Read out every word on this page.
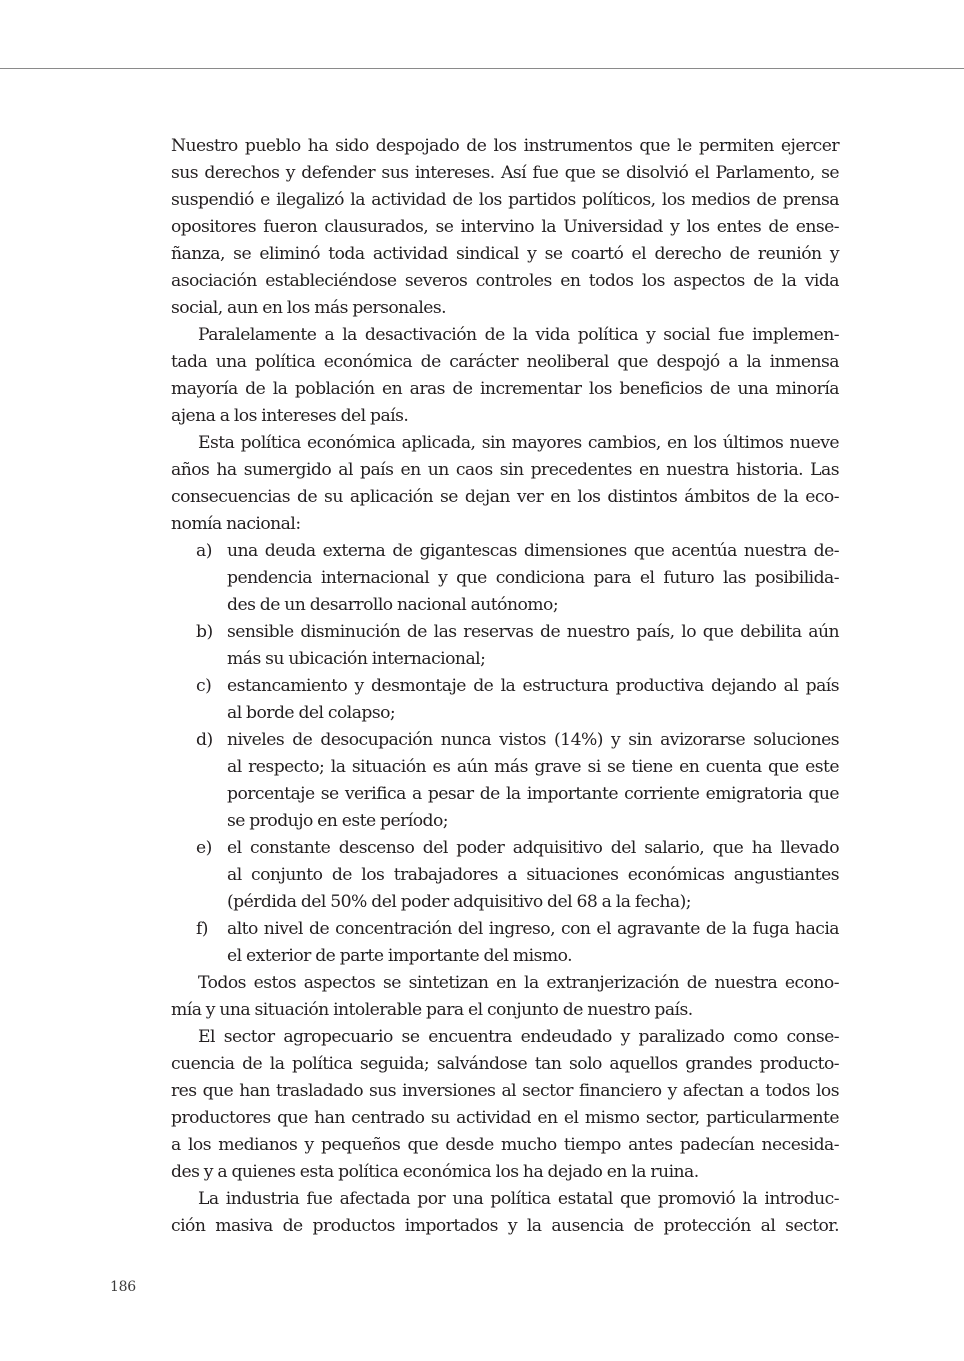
Nuestro pueblo ha sido despojado de los instrumentos que le permiten ejercer
sus derechos y defender sus intereses. Así fue que se disolvió el Parlamento, se
suspendió e ilegalizó la actividad de los partidos políticos, los medios de prensa
opositores fueron clausurados, se intervino la Universidad y los entes de ense-
ñanza, se eliminó toda actividad sindical y se coartó el derecho de reunión y
asociación estableciéndose severos controles en todos los aspectos de la vida
social, aun en los más personales.
Paralelamente a la desactivación de la vida política y social fue implemen-
tada una política económica de carácter neoliberal que despojó a la inmensa
mayoría de la población en aras de incrementar los beneficios de una minoría
ajena a los intereses del país.
Esta política económica aplicada, sin mayores cambios, en los últimos nueve
años ha sumergido al país en un caos sin precedentes en nuestra historia. Las
consecuencias de su aplicación se dejan ver en los distintos ámbitos de la eco-
nomía nacional:
a) una deuda externa de gigantescas dimensiones que acentúa nuestra de-
pendencia internacional y que condiciona para el futuro las posibilida-
des de un desarrollo nacional autónomo;
b) sensible disminución de las reservas de nuestro país, lo que debilita aún
más su ubicación internacional;
c) estancamiento y desmontaje de la estructura productiva dejando al país
al borde del colapso;
d) niveles de desocupación nunca vistos (14%) y sin avizorarse soluciones
al respecto; la situación es aún más grave si se tiene en cuenta que este
porcentaje se verifica a pesar de la importante corriente emigratoria que
se produjo en este período;
e) el constante descenso del poder adquisitivo del salario, que ha llevado
al conjunto de los trabajadores a situaciones económicas angustiantes
(pérdida del 50% del poder adquisitivo del 68 a la fecha);
f)	alto nivel de concentración del ingreso, con el agravante de la fuga hacia
el exterior de parte importante del mismo.
Todos estos aspectos se sintetizan en la extranjerización de nuestra econo-
mía y una situación intolerable para el conjunto de nuestro país.
El sector agropecuario se encuentra endeudado y paralizado como conse-
cuencia de la política seguida; salvándose tan solo aquellos grandes producto-
res que han trasladado sus inversiones al sector financiero y afectan a todos los
productores que han centrado su actividad en el mismo sector, particularmente
a los medianos y pequeños que desde mucho tiempo antes padecían necesida-
des y a quienes esta política económica los ha dejado en la ruina.
La industria fue afectada por una política estatal que promovió la introduc-
ción masiva de productos importados y la ausencia de protección al sector.
186
